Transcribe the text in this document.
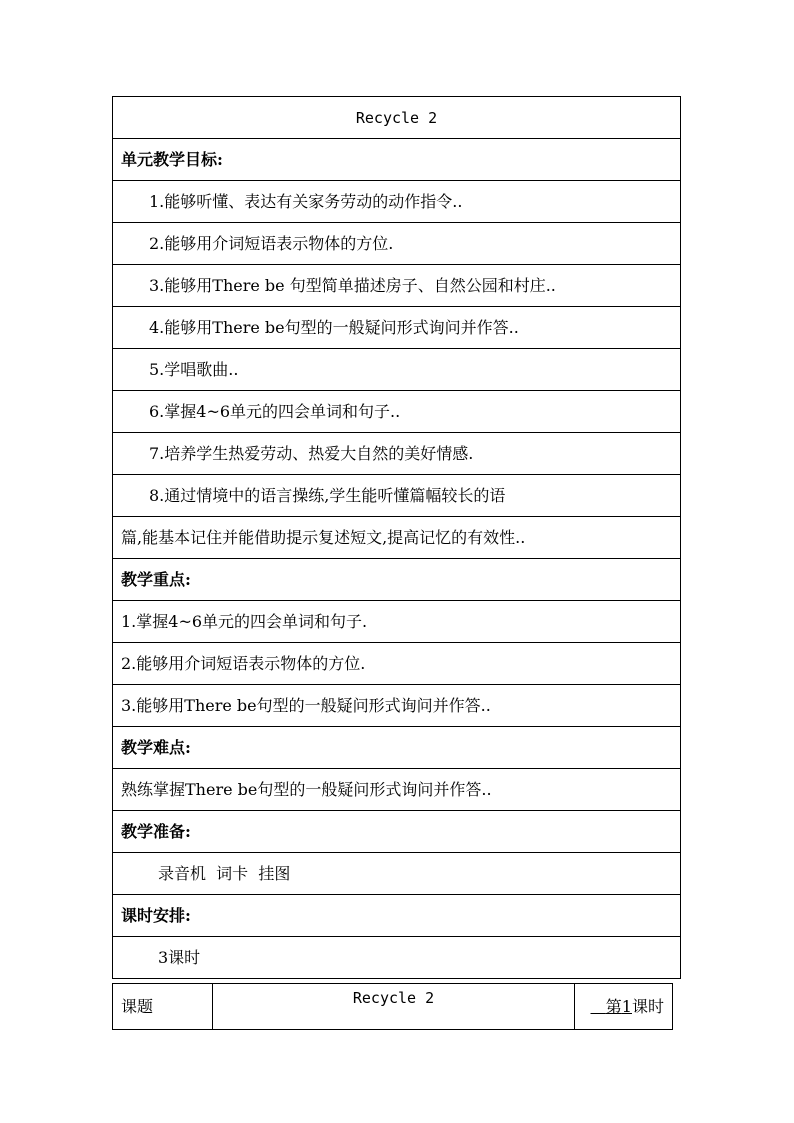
Recycle 2
单元教学目标:
1.能够听懂、表达有关家务劳动的动作指令..
2.能够用介词短语表示物体的方位.
3.能够用There be 句型简单描述房子、自然公园和村庄..
4.能够用There be句型的一般疑问形式询问并作答..
5.学唱歌曲..
6.掌握4~6单元的四会单词和句子..
7.培养学生热爱劳动、热爱大自然的美好情感.
8.通过情境中的语言操练,学生能听懂篇幅较长的语
篇,能基本记住并能借助提示复述短文,提高记忆的有效性..
教学重点:
1.掌握4~6单元的四会单词和句子.
2.能够用介词短语表示物体的方位.
3.能够用There be句型的一般疑问形式询问并作答..
教学难点:
熟练掌握There be句型的一般疑问形式询问并作答..
教学准备:
录音机  词卡  挂图
课时安排:
3课时
课题	Recycle 2	第1课时
